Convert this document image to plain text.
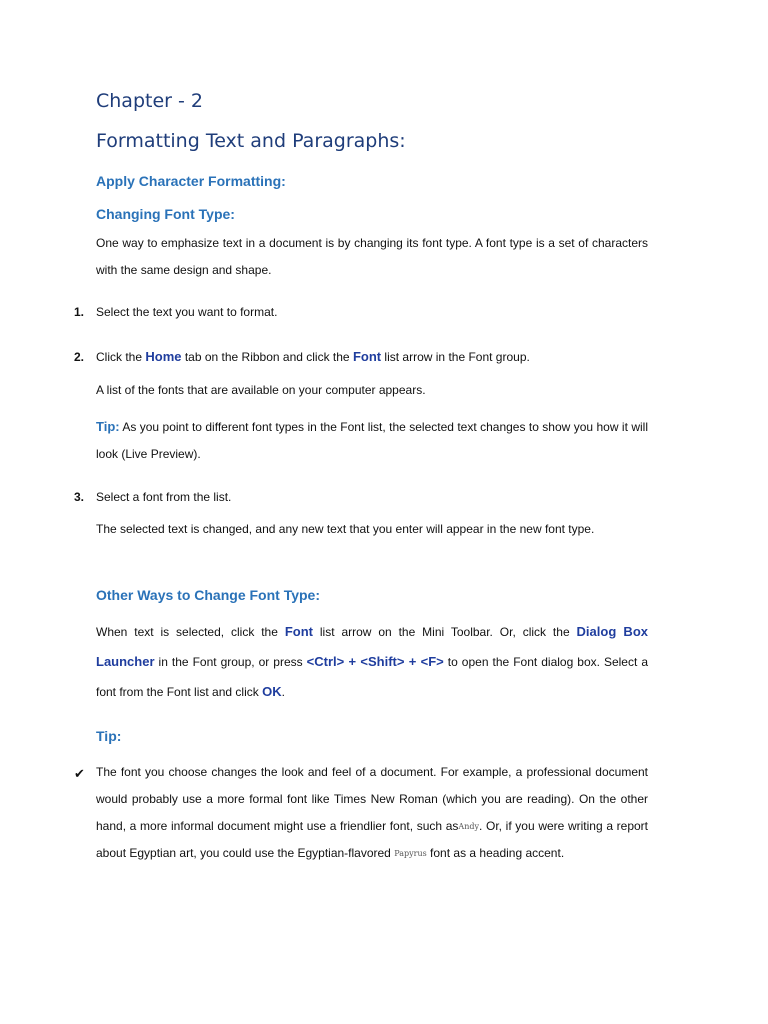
Chapter - 2
Formatting Text and Paragraphs:
Apply Character Formatting:
Changing Font Type:

One way to emphasize text in a document is by changing its font type. A font type is a set of characters with the same design and shape.

1. Select the text you want to format.

2. Click the Home tab on the Ribbon and click the Font list arrow in the Font group.

A list of the fonts that are available on your computer appears.

Tip: As you point to different font types in the Font list, the selected text changes to show you how it will look (Live Preview).

3. Select a font from the list.

The selected text is changed, and any new text that you enter will appear in the new font type.

Other Ways to Change Font Type:

When text is selected, click the Font list arrow on the Mini Toolbar. Or, click the Dialog Box Launcher in the Font group, or press <Ctrl> + <Shift> + <F> to open the Font dialog box. Select a font from the Font list and click OK.

Tip:
✔ The font you choose changes the look and feel of a document. For example, a professional document would probably use a more formal font like Times New Roman (which you are reading). On the other hand, a more informal document might use a friendlier font, such asAndy. Or, if you were writing a report about Egyptian art, you could use the Egyptian-flavored Papyrus font as a heading accent.
